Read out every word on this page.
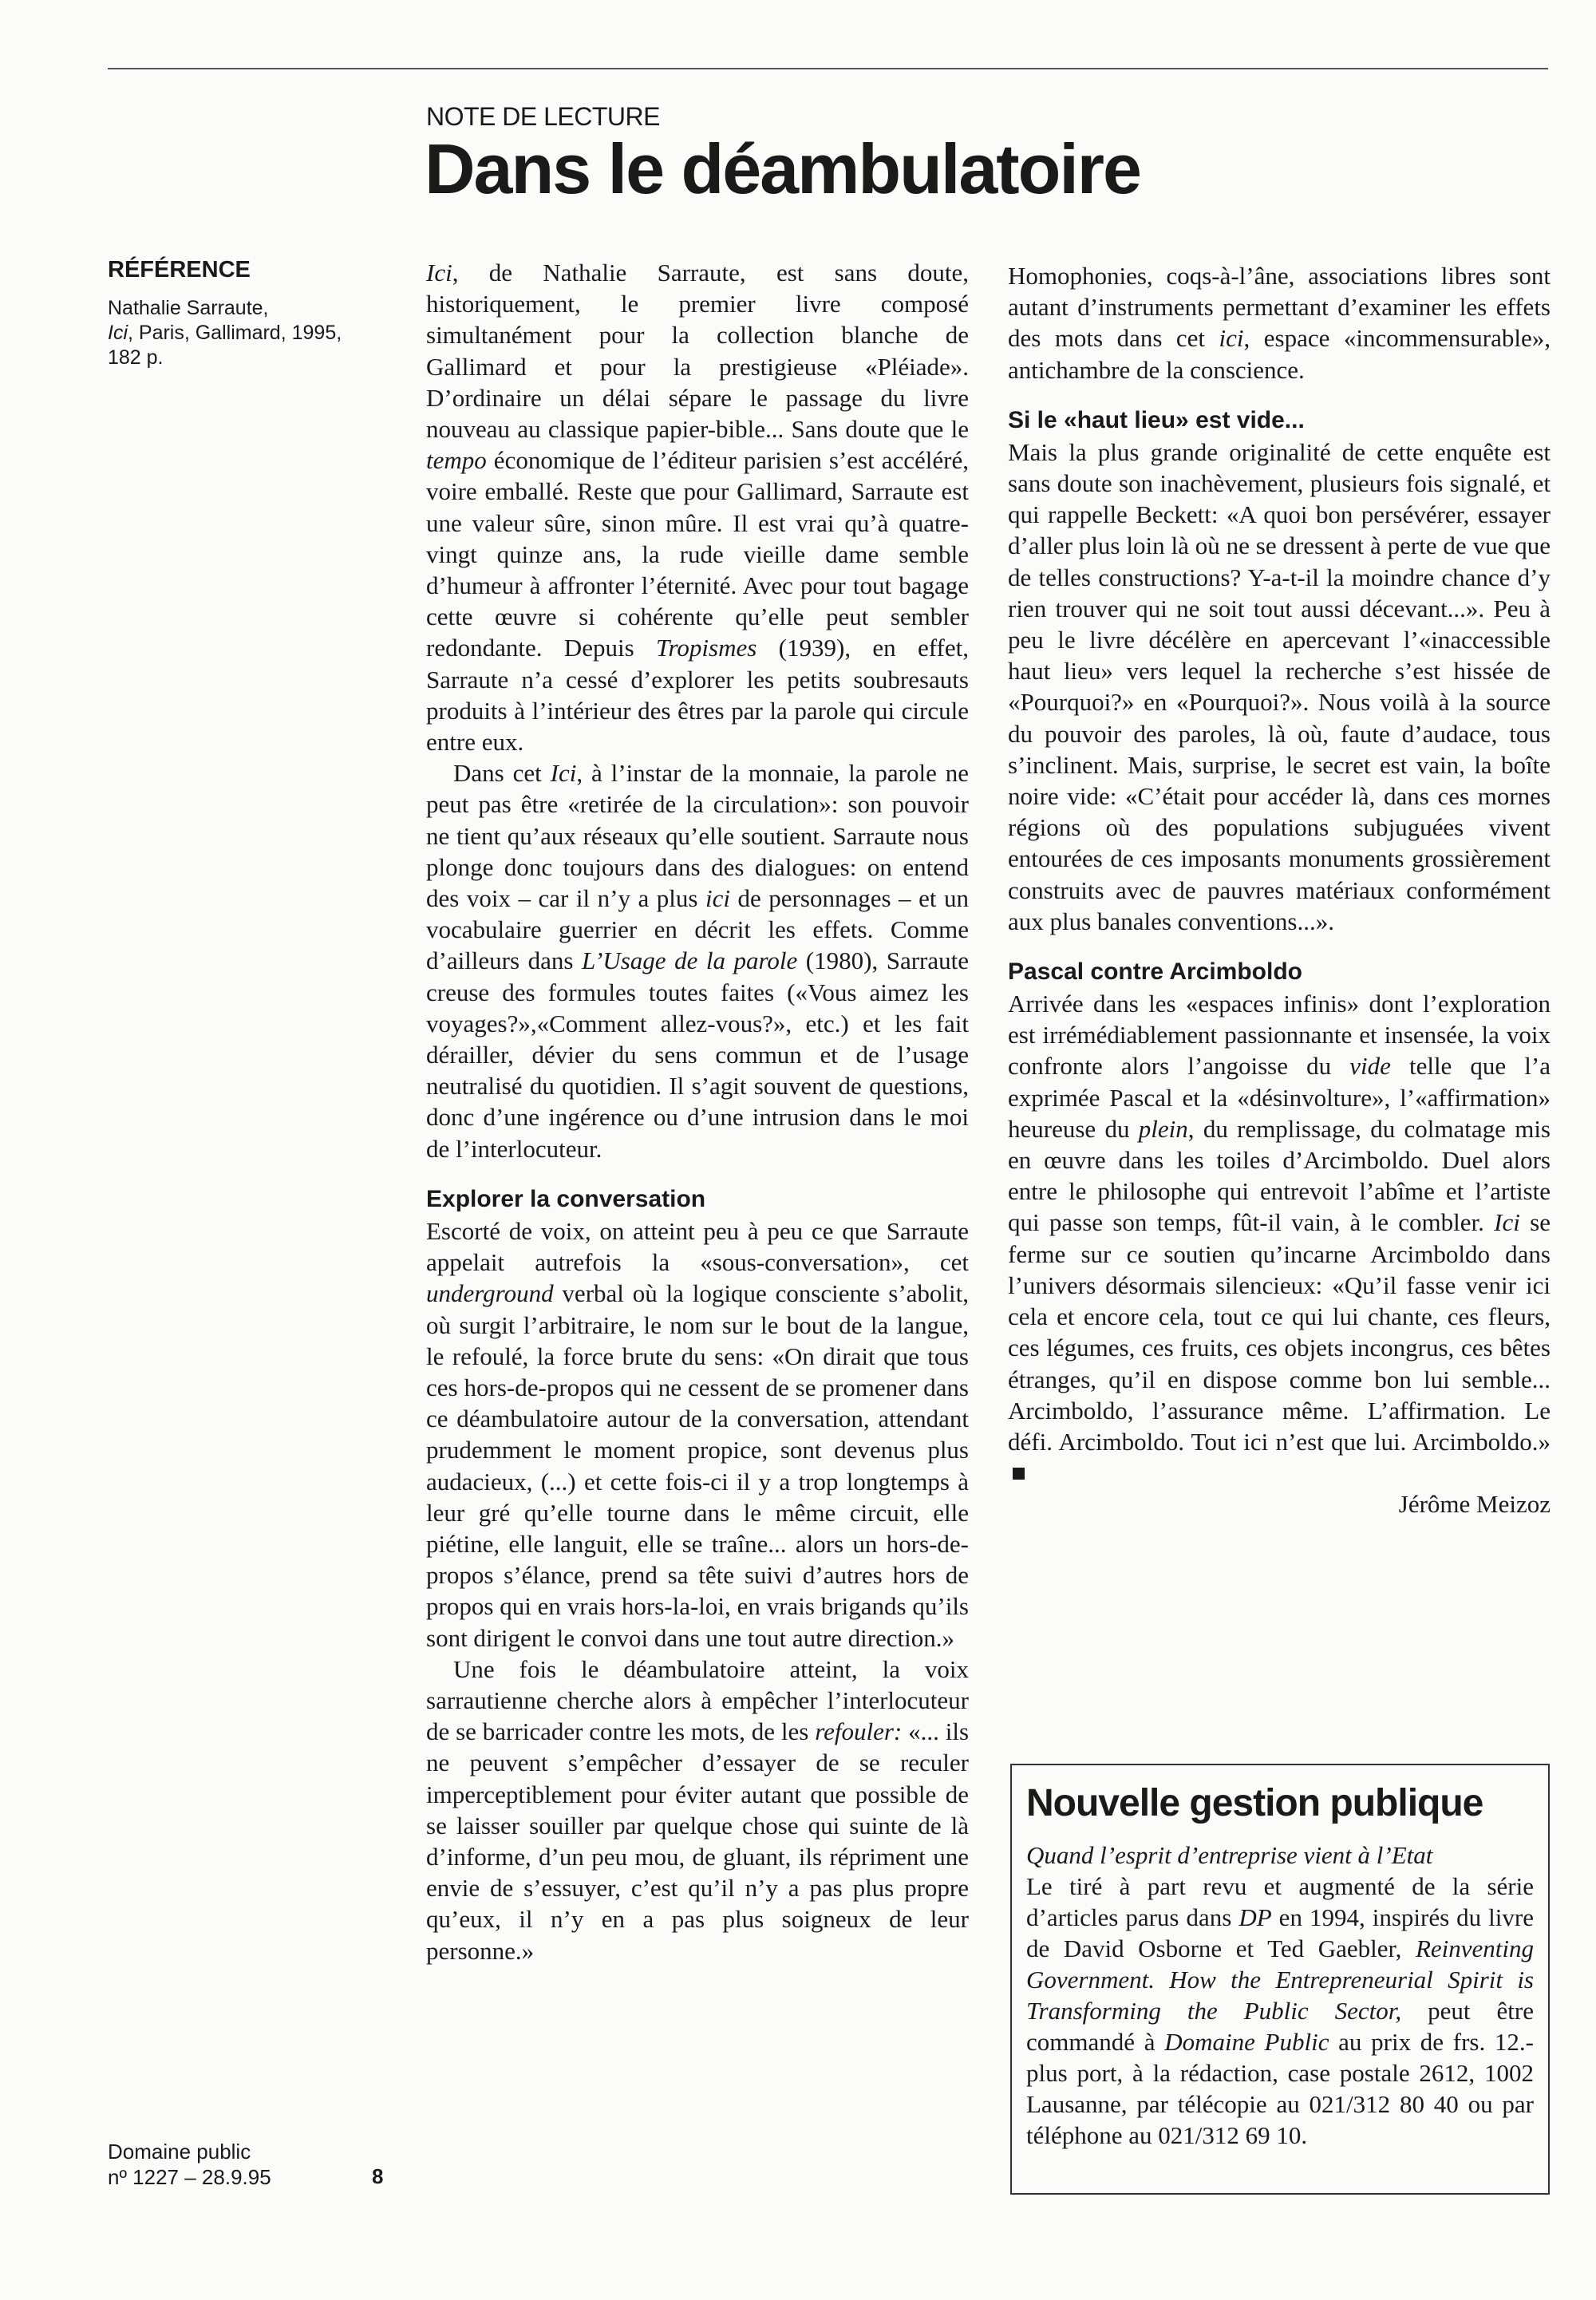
NOTE DE LECTURE
Dans le déambulatoire
RÉFÉRENCE
Nathalie Sarraute,
Ici, Paris, Gallimard, 1995,
182 p.
Domaine public
nº 1227 – 28.9.95	8

Ici, de Nathalie Sarraute, est sans doute, historiquement, le premier livre composé simultanément pour la collection blanche de Gallimard et pour la prestigieuse «Pléiade». D’ordinaire un délai sépare le passage du livre nouveau au classique papier-bible... Sans doute que le tempo économique de l’éditeur parisien s’est accéléré, voire emballé. Reste que pour Gallimard, Sarraute est une valeur sûre, sinon mûre. Il est vrai qu’à quatre-vingt quinze ans, la rude vieille dame semble d’humeur à affronter l’éternité. Avec pour tout bagage cette œuvre si cohérente qu’elle peut sembler redondante. Depuis Tropismes (1939), en effet, Sarraute n’a cessé d’explorer les petits soubresauts produits à l’intérieur des êtres par la parole qui circule entre eux.

Dans cet Ici, à l’instar de la monnaie, la parole ne peut pas être «retirée de la circulation»: son pouvoir ne tient qu’aux réseaux qu’elle soutient. Sarraute nous plonge donc toujours dans des dialogues: on entend des voix – car il n’y a plus ici de personnages – et un vocabulaire guerrier en décrit les effets. Comme d’ailleurs dans L’Usage de la parole (1980), Sarraute creuse des formules toutes faites («Vous aimez les voyages?»,«Comment allez-vous?», etc.) et les fait dérailler, dévier du sens commun et de l’usage neutralisé du quotidien. Il s’agit souvent de questions, donc d’une ingérence ou d’une intrusion dans le moi de l’interlocuteur.

Explorer la conversation

Escorté de voix, on atteint peu à peu ce que Sarraute appelait autrefois la «sous-conversation», cet underground verbal où la logique consciente s’abolit, où surgit l’arbitraire, le nom sur le bout de la langue, le refoulé, la force brute du sens: «On dirait que tous ces hors-de-propos qui ne cessent de se promener dans ce déambulatoire autour de la conversation, attendant prudemment le moment propice, sont devenus plus audacieux, (...) et cette fois-ci il y a trop longtemps à leur gré qu’elle tourne dans le même circuit, elle piétine, elle languit, elle se traîne... alors un hors-de-propos s’élance, prend sa tête suivi d’autres hors de propos qui en vrais hors-la-loi, en vrais brigands qu’ils sont dirigent le convoi dans une tout autre direction.»

Une fois le déambulatoire atteint, la voix sarrautienne cherche alors à empêcher l’interlocuteur de se barricader contre les mots, de les refouler: «... ils ne peuvent s’empêcher d’essayer de se reculer imperceptiblement pour éviter autant que possible de se laisser souiller par quelque chose qui suinte de là d’informe, d’un peu mou, de gluant, ils répriment une envie de s’essuyer, c’est qu’il n’y a pas plus propre qu’eux, il n’y en a pas plus soigneux de leur personne.»

Homophonies, coqs-à-l’âne, associations libres sont autant d’instruments permettant d’examiner les effets des mots dans cet ici, espace «incommensurable», antichambre de la conscience.

Si le «haut lieu» est vide...

Mais la plus grande originalité de cette enquête est sans doute son inachèvement, plusieurs fois signalé, et qui rappelle Beckett: «A quoi bon persévérer, essayer d’aller plus loin là où ne se dressent à perte de vue que de telles constructions? Y-a-t-il la moindre chance d’y rien trouver qui ne soit tout aussi décevant...». Peu à peu le livre décélère en apercevant l’«inaccessible haut lieu» vers lequel la recherche s’est hissée de «Pourquoi?» en «Pourquoi?». Nous voilà à la source du pouvoir des paroles, là où, faute d’audace, tous s’inclinent. Mais, surprise, le secret est vain, la boîte noire vide: «C’était pour accéder là, dans ces mornes régions où des populations subjuguées vivent entourées de ces imposants monuments grossièrement construits avec de pauvres matériaux conformément aux plus banales conventions...».

Pascal contre Arcimboldo

Arrivée dans les «espaces infinis» dont l’exploration est irrémédiablement passionnante et insensée, la voix confronte alors l’angoisse du vide telle que l’a exprimée Pascal et la «désinvolture», l’«affirmation» heureuse du plein, du remplissage, du colmatage mis en œuvre dans les toiles d’Arcimboldo. Duel alors entre le philosophe qui entrevoit l’abîme et l’artiste qui passe son temps, fût-il vain, à le combler. Ici se ferme sur ce soutien qu’incarne Arcimboldo dans l’univers désormais silencieux: «Qu’il fasse venir ici cela et encore cela, tout ce qui lui chante, ces fleurs, ces légumes, ces fruits, ces objets incongrus, ces bêtes étranges, qu’il en dispose comme bon lui semble... Arcimboldo, l’assurance même. L’affirmation. Le défi. Arcimboldo. Tout ici n’est que lui. Arcimboldo.»

Jérôme Meizoz

Nouvelle gestion publique
Quand l’esprit d’entreprise vient à l’Etat
Le tiré à part revu et augmenté de la série d’articles parus dans DP en 1994, inspirés du livre de David Osborne et Ted Gaebler, Reinventing Government. How the Entrepreneurial Spirit is Transforming the Public Sector, peut être commandé à Domaine Public au prix de frs. 12.- plus port, à la rédaction, case postale 2612, 1002 Lausanne, par télécopie au 021/312 80 40 ou par téléphone au 021/312 69 10.
